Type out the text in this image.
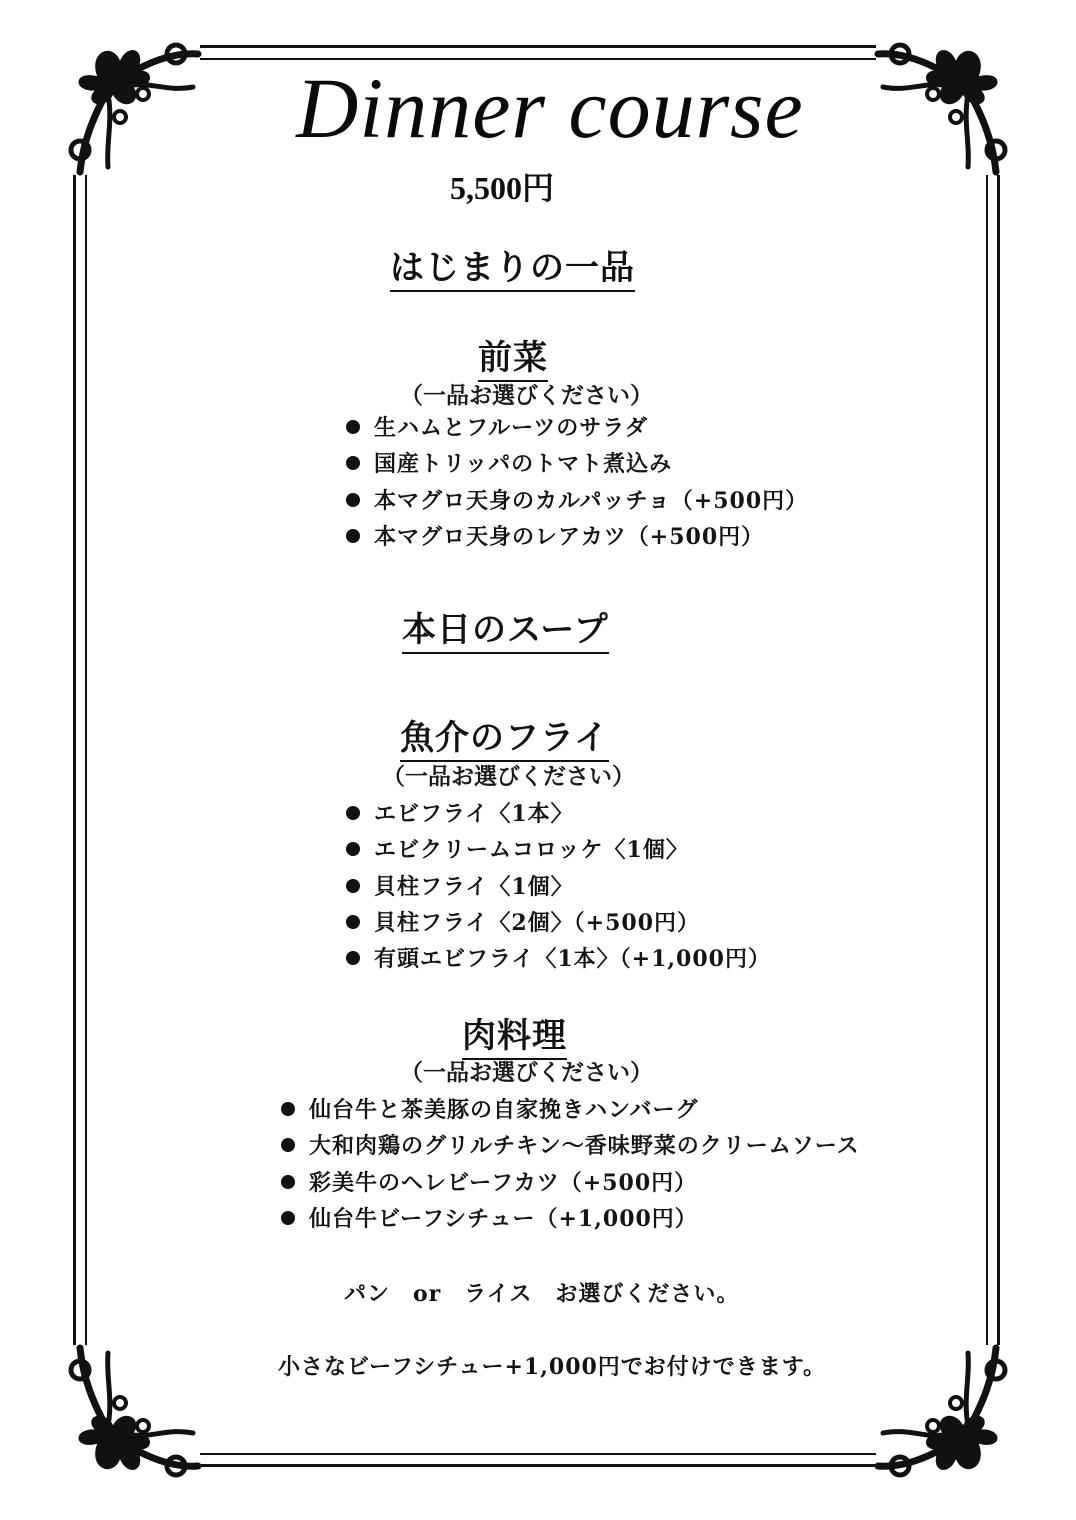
Dinner course
5,500円
はじまりの一品
前菜
（一品お選びください）
生ハムとフルーツのサラダ
国産トリッパのトマト煮込み
本マグロ天身のカルパッチョ（+500円）
本マグロ天身のレアカツ（+500円）
本日のスープ
魚介のフライ
（一品お選びください）
エビフライ〈1本〉
エビクリームコロッケ〈1個〉
貝柱フライ〈1個〉
貝柱フライ〈2個〉（+500円）
有頭エビフライ〈1本〉（+1,000円）
肉料理
（一品お選びください）
仙台牛と茶美豚の自家挽きハンバーグ
大和肉鶏のグリルチキン〜香味野菜のクリームソース
彩美牛のヘレビーフカツ（+500円）
仙台牛ビーフシチュー（+1,000円）
パン　or　ライス　お選びください。
小さなビーフシチュー+1,000円でお付けできます。
